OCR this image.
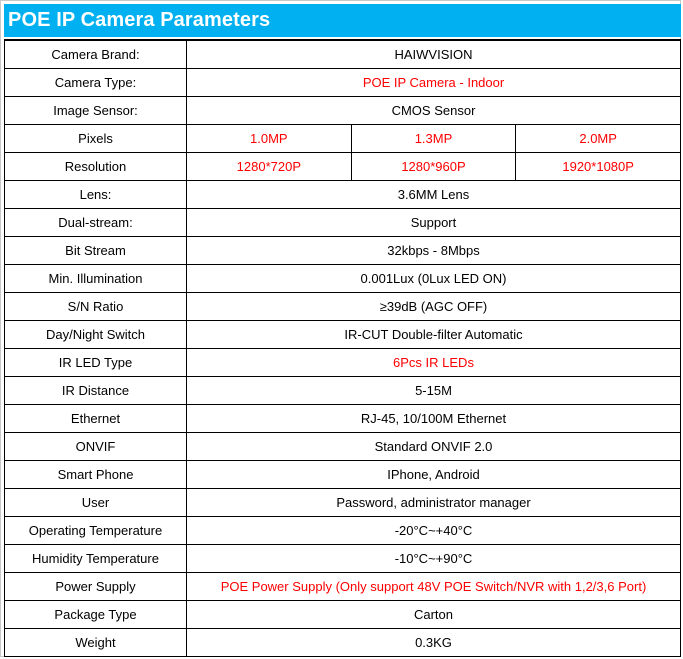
POE IP Camera Parameters
Camera Brand:	HAIWVISION		
Camera Type:	POE IP Camera - Indoor		
Image Sensor:	CMOS Sensor		
Pixels	1.0MP	1.3MP	2.0MP
Resolution	1280*720P	1280*960P	1920*1080P
Lens:	3.6MM Lens		
Dual-stream:	Support		
Bit Stream	32kbps - 8Mbps		
Min. Illumination	0.001Lux (0Lux LED ON)		
S/N Ratio	≥39dB (AGC OFF)		
Day/Night Switch	IR-CUT Double-filter Automatic		
IR LED Type	6Pcs IR LEDs		
IR Distance	5-15M		
Ethernet	RJ-45, 10/100M Ethernet		
ONVIF	Standard ONVIF 2.0		
Smart Phone	IPhone, Android		
User	Password, administrator manager		
Operating Temperature	-20°C~+40°C		
Humidity Temperature	-10°C~+90°C		
Power Supply	POE Power Supply (Only support 48V POE Switch/NVR with 1,2/3,6 Port)		
Package Type	Carton		
Weight	0.3KG		
